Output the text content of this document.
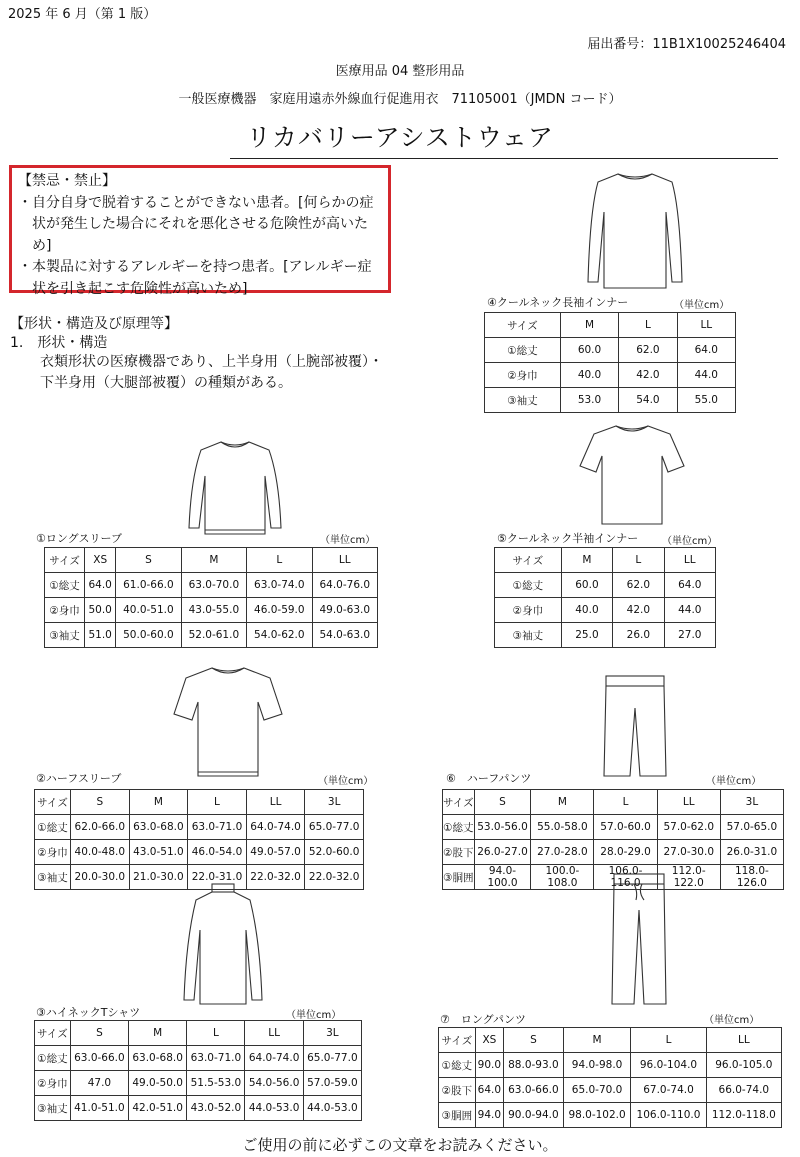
2025 年 6 月（第 1 版）
届出番号：11B1X10025246404
医療用品 04 整形用品
一般医療機器　家庭用遠赤外線血行促進用衣　71105001（JMDN コード）
リカバリーアシストウェア
【禁忌・禁止】
・自分自身で脱着することができない患者。[何らかの症状が発生した場合にそれを悪化させる危険性が高いため]
・本製品に対するアレルギーを持つ患者。[アレルギー症状を引き起こす危険性が高いため]
【形状・構造及び原理等】
1.　形状・構造
衣類形状の医療機器であり、上半身用（上腕部被覆）・下半身用（大腿部被覆）の種類がある。
④クールネック長袖インナー	（単位cm）
サイズ	M	L	LL
①総丈	60.0	62.0	64.0
②身巾	40.0	42.0	44.0
③袖丈	53.0	54.0	55.0
⑤クールネック半袖インナー （単位cm）
サイズ	M	L	LL
①総丈	60.0	62.0	64.0
②身巾	40.0	42.0	44.0
③袖丈	25.0	26.0	27.0
①ロングスリーブ	（単位cm）
サイズ	XS	S	M	L	LL
①総丈	64.0	61.0-66.0	63.0-70.0	63.0-74.0	64.0-76.0
②身巾	50.0	40.0-51.0	43.0-55.0	46.0-59.0	49.0-63.0
③袖丈	51.0	50.0-60.0	52.0-61.0	54.0-62.0	54.0-63.0
②ハーフスリーブ	（単位cm）
サイズ	S	M	L	LL	3L
①総丈	62.0-66.0	63.0-68.0	63.0-71.0	64.0-74.0	65.0-77.0
②身巾	40.0-48.0	43.0-51.0	46.0-54.0	49.0-57.0	52.0-60.0
③袖丈	20.0-30.0	21.0-30.0	22.0-31.0	22.0-32.0	22.0-32.0
⑥　ハーフパンツ	（単位cm）
サイズ	S	M	L	LL	3L
①総丈	53.0-56.0	55.0-58.0	57.0-60.0	57.0-62.0	57.0-65.0
②股下	26.0-27.0	27.0-28.0	28.0-29.0	27.0-30.0	26.0-31.0
③胴囲	94.0-100.0	100.0-108.0	106.0-116.0	112.0-122.0	118.0-126.0
③ハイネックTシャツ	（単位cm）
サイズ	S	M	L	LL	3L
①総丈	63.0-66.0	63.0-68.0	63.0-71.0	64.0-74.0	65.0-77.0
②身巾	47.0	49.0-50.0	51.5-53.0	54.0-56.0	57.0-59.0
③袖丈	41.0-51.0	42.0-51.0	43.0-52.0	44.0-53.0	44.0-53.0
⑦　ロングパンツ	（単位cm）
サイズ	XS	S	M	L	LL
①総丈	90.0	88.0-93.0	94.0-98.0	96.0-104.0	96.0-105.0
②股下	64.0	63.0-66.0	65.0-70.0	67.0-74.0	66.0-74.0
③胴囲	94.0	90.0-94.0	98.0-102.0	106.0-110.0	112.0-118.0
ご使用の前に必ずこの文章をお読みください。
